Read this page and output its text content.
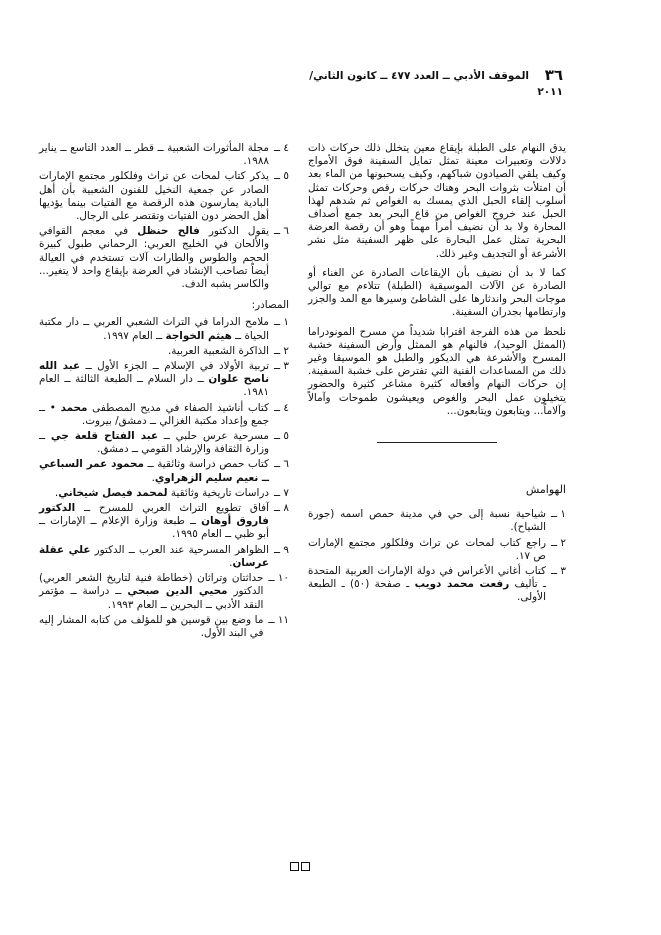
٣٦
الموقف الأدبي ــ العدد ٤٧٧ ــ كانون الثاني/
٢٠١١

يدق النهام على الطبلة بإيقاع معين يتخلل ذلك حركات ذات دلالات وتعبيرات معينة تمثل تمايل السفينة فوق الأمواج وكيف يلقي الصيادون شباكهم، وكيف يسحبونها من الماء بعد أن امتلأت بثروات البحر وهناك حركات رقص وحركات تمثل أسلوب إلقاء الحبل الذي يمسك به الغواص ثم شدهم لهذا الحبل عند خروج الغواص من قاع البحر بعد جمع أصداف المحارة ولا بد أن نضيف أمراً مهماً وهو أن رقصة العرضة البحرية تمثل عمل البحارة على ظهر السفينة مثل نشر الأشرعة أو التجديف وغير ذلك.

كما لا بد أن نضيف بأن الإيقاعات الصادرة عن الغناء أو الصادرة عن الآلات الموسيقية (الطبلة) تتلاءم مع توالي موجات البحر واندثارها على الشاطئ وسيرها مع المد والجزر وارتطامها بجدران السفينة.

نلحظ من هذه الفرجة اقترابا شديداً من مسرح المونودراما (الممثل الوحيد)، فالنهام هو الممثل وأرض السفينة خشبة المسرح والأشرعة هي الديكور والطبل هو الموسيقا وغير ذلك من المساعدات الفنية التي تفترض على خشبة السفينة. إن حركات النهام وأفعاله كثيرة مشاعر كثيرة والحضور يتخيلون عمل البحر والغوص ويعيشون طموحات وآمالاً وآلاماً... ويتابعون ويتابعون...

الهوامش
١ ــ
شياحية نسبة إلى حي في مدينة حمص اسمه (جورة الشياح).
٢ ــ
راجع كتاب لمحات عن تراث وفلكلور مجتمع الإمارات ص ١٧.
٣ ــ
كتاب أغاني الأعراس في دولة الإمارات العربية المتحدة ـ تأليف رفعت محمد دويب ـ صفحة (٥٠) ـ الطبعة الأولى.
٤ ــ
مجلة المأثورات الشعبية ــ قطر ــ العدد التاسع ــ يناير ١٩٨٨.
٥ ــ
يذكر كتاب لمحات عن تراث وفلكلور مجتمع الإمارات الصادر عن جمعية النخيل للفنون الشعبية بأن أهل البادية يمارسون هذه الرقصة مع الفتيات بينما يؤديها أهل الحضر دون الفتيات وتقتصر على الرجال.
٦ ــ
يقول الدكتور فالح حنظل في معجم القوافي والألحان في الخليج العربي: الرحماني طبول كبيرة الحجم والطوس والطارات آلات تستخدم في العيالة أيضاً تصاحب الإنشاد في العرضة بإيقاع واحد لا يتغير... والكاسر يشبه الدف.
المصادر:
١ ــ
ملامح الدراما في التراث الشعبي العربي ــ دار مكتبة الحياة ــ هيثم الخواجة ــ العام ١٩٩٧.
٢ ــ
الذاكرة الشعبية العربية.
٣ ــ
تربية الأولاد في الإسلام ــ الجزء الأول ــ عبد الله ناصح علوان ــ دار السلام ــ الطبعة الثالثة ــ العام ١٩٨١.
٤ ــ
كتاب أناشيد الصفاء في مديح المصطفى محمد • ــ جمع وإعداد مكتبة الغزالي ــ دمشق/ بيروت.
٥ ــ
مسرحية عرس حلبي ــ عبد الفتاح قلعة جي ــ وزارة الثقافة والإرشاد القومي ــ دمشق.
٦ ــ
كتاب حمص دراسة وثائقية ــ محمود عمر السباعي ــ نعيم سليم الزهراوي.
٧ ــ
دراسات تاريخية وثائقية لمحمد فيصل شيخاني.
٨ ــ
آفاق تطويع التراث العربي للمسرح ــ الدكتور فاروق أوهان ــ طبعة وزارة الإعلام ــ الإمارات ــ أبو ظبي ــ العام ١٩٩٥.
٩ ــ
الظواهر المسرحية عند العرب ــ الدكتور علي عقلة عرسان.
١٠ ــ
حداثتان وتراثان (خطاطة فنية لتاريخ الشعر العربي) الدكتور محيي الدين صبحي ــ دراسة ــ مؤتمر النقد الأدبي ــ البحرين ــ العام ١٩٩٣.
١١ ــ
ما وضع بين قوسين هو للمؤلف من كتابه المشار إليه في البند الأول.
